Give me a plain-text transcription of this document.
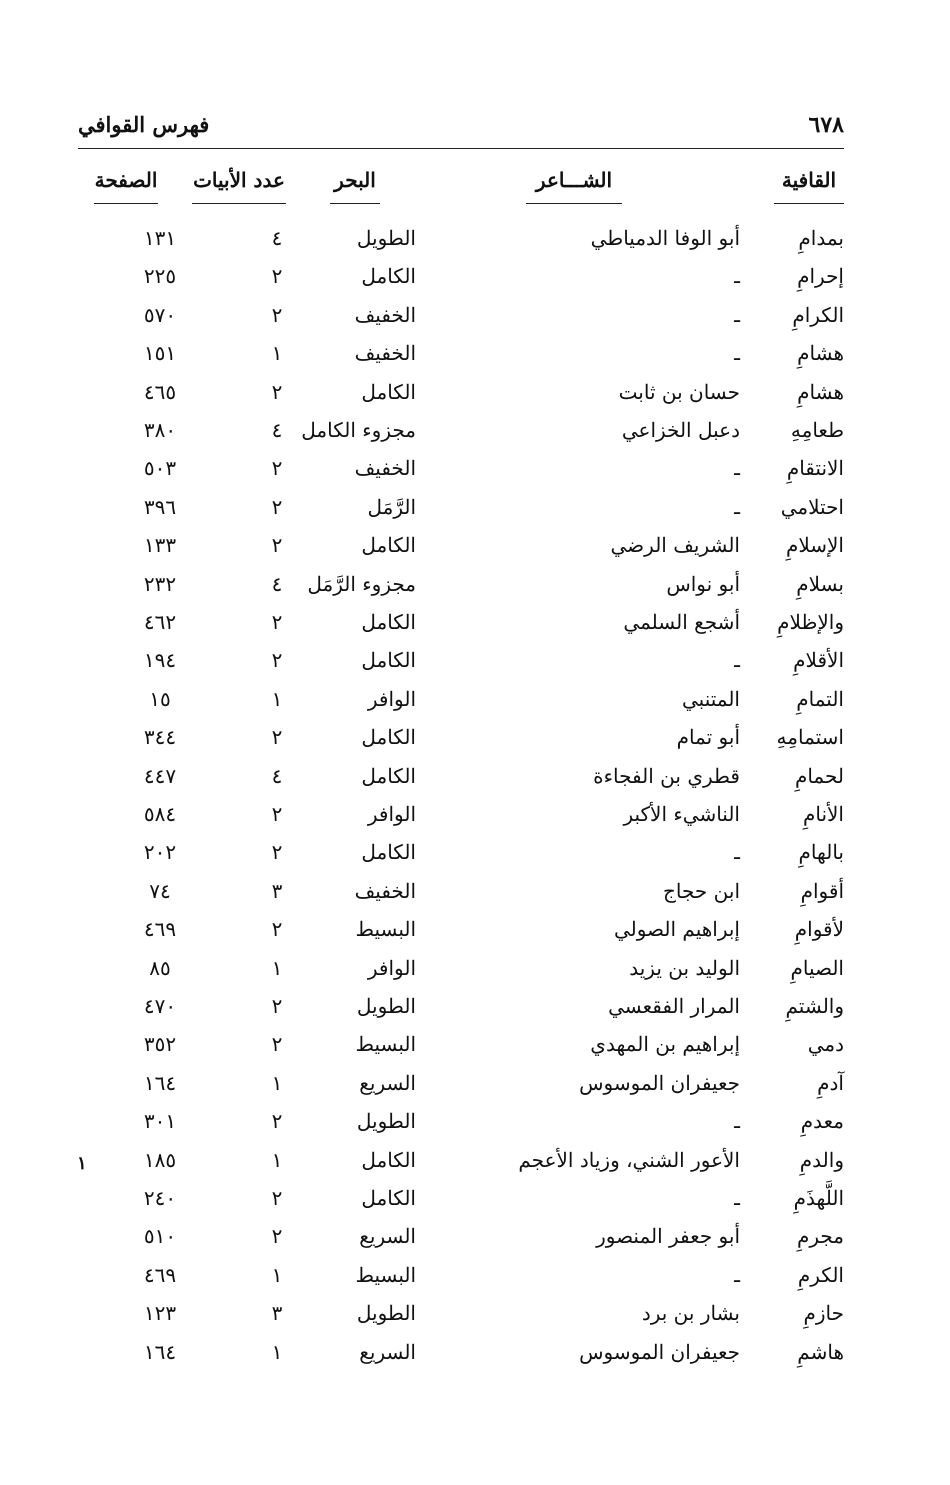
٦٧٨
فهرس القوافي
القافية
الشـــاعر
البحر
عدد الأبيات
الصفحة
بمدامِ
أبو الوفا الدمياطي
الطويل
٤
١٣١
إحرامِ
ـ
الكامل
٢
٢٢٥
الكرامِ
ـ
الخفيف
٢
٥٧٠
هشامِ
ـ
الخفيف
١
١٥١
هشامِ
حسان بن ثابت
الكامل
٢
٤٦٥
طعامِهِ
دعبل الخزاعي
مجزوء الكامل
٤
٣٨٠
الانتقامِ
ـ
الخفيف
٢
٥٠٣
احتلامي
ـ
الرَّمَل
٢
٣٩٦
الإسلامِ
الشريف الرضي
الكامل
٢
١٣٣
بسلامِ
أبو نواس
مجزوء الرَّمَل
٤
٢٣٢
والإظلامِ
أشجع السلمي
الكامل
٢
٤٦٢
الأقلامِ
ـ
الكامل
٢
١٩٤
التمامِ
المتنبي
الوافر
١
١٥
استمامِهِ
أبو تمام
الكامل
٢
٣٤٤
لحمامِ
قطري بن الفجاءة
الكامل
٤
٤٤٧
الأنامِ
الناشيء الأكبر
الوافر
٢
٥٨٤
بالهامِ
ـ
الكامل
٢
٢٠٢
أقوامِ
ابن حجاج
الخفيف
٣
٧٤
لأقوامِ
إبراهيم الصولي
البسيط
٢
٤٦٩
الصيامِ
الوليد بن يزيد
الوافر
١
٨٥
والشتمِ
المرار الفقعسي
الطويل
٢
٤٧٠
دمي
إبراهيم بن المهدي
البسيط
٢
٣٥٢
آدمِ
جعيفران الموسوس
السريع
١
١٦٤
معدمِ
ـ
الطويل
٢
٣٠١
والدمِ
الأعور الشني، وزياد الأعجم
الكامل
١
١٨٥
اللَّهذَمِ
ـ
الكامل
٢
٢٤٠
مجرمِ
أبو جعفر المنصور
السريع
٢
٥١٠
الكرمِ
ـ
البسيط
١
٤٦٩
حازمِ
بشار بن برد
الطويل
٣
١٢٣
هاشمِ
جعيفران الموسوس
السريع
١
١٦٤
١
